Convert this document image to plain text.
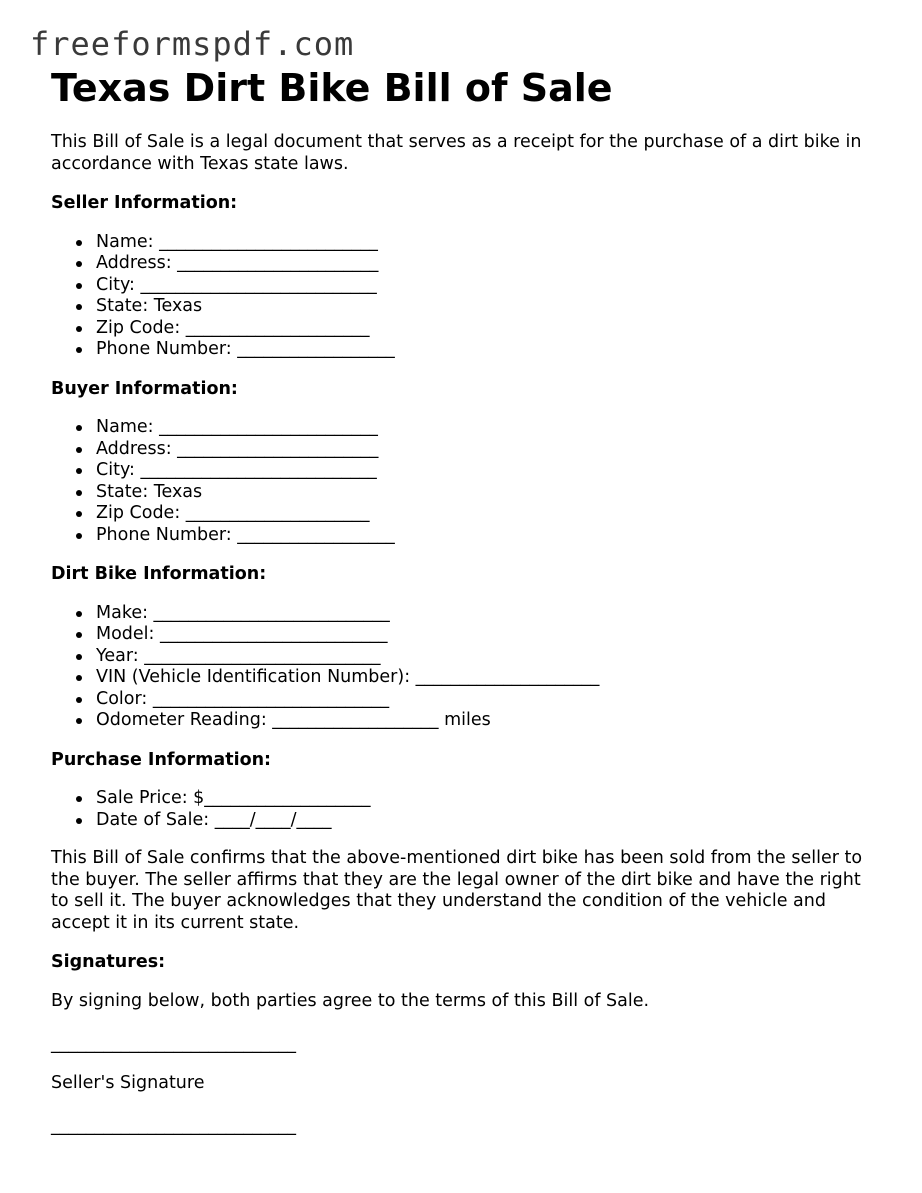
freeformspdf.com
Texas Dirt Bike Bill of Sale

This Bill of Sale is a legal document that serves as a receipt for the purchase of a dirt bike in accordance with Texas state laws.

Seller Information:
Name: _________________________
Address: _______________________
City: ___________________________
State: Texas
Zip Code: _____________________
Phone Number: __________________
Buyer Information:
Name: _________________________
Address: _______________________
City: ___________________________
State: Texas
Zip Code: _____________________
Phone Number: __________________
Dirt Bike Information:
Make: ___________________________
Model: __________________________
Year: ___________________________
VIN (Vehicle Identification Number): _____________________
Color: ___________________________
Odometer Reading: ___________________ miles
Purchase Information:
Sale Price: $___________________
Date of Sale: ____/____/____

This Bill of Sale confirms that the above-mentioned dirt bike has been sold from the seller to the buyer. The seller affirms that they are the legal owner of the dirt bike and have the right to sell it. The buyer acknowledges that they understand the condition of the vehicle and accept it in its current state.

Signatures:

By signing below, both parties agree to the terms of this Bill of Sale.

____________________________
Seller's Signature
____________________________
